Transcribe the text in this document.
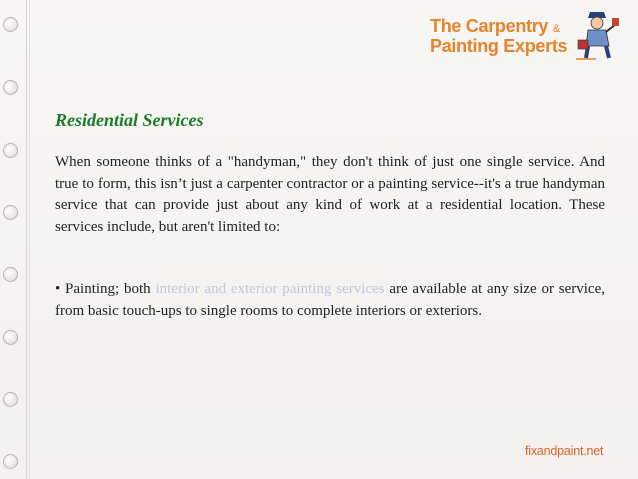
The Carpentry &
Painting Experts
Residential Services
When someone thinks of a "handyman," they don't think of just one single service. And true to form, this isn’t just a carpenter contractor or a painting service--it's a true handyman service that can provide just about any kind of work at a residential location. These services include, but aren't limited to:
• Painting; both interior and exterior painting services are available at any size or service, from basic touch-ups to single rooms to complete interiors or exteriors.
fixandpaint.net
